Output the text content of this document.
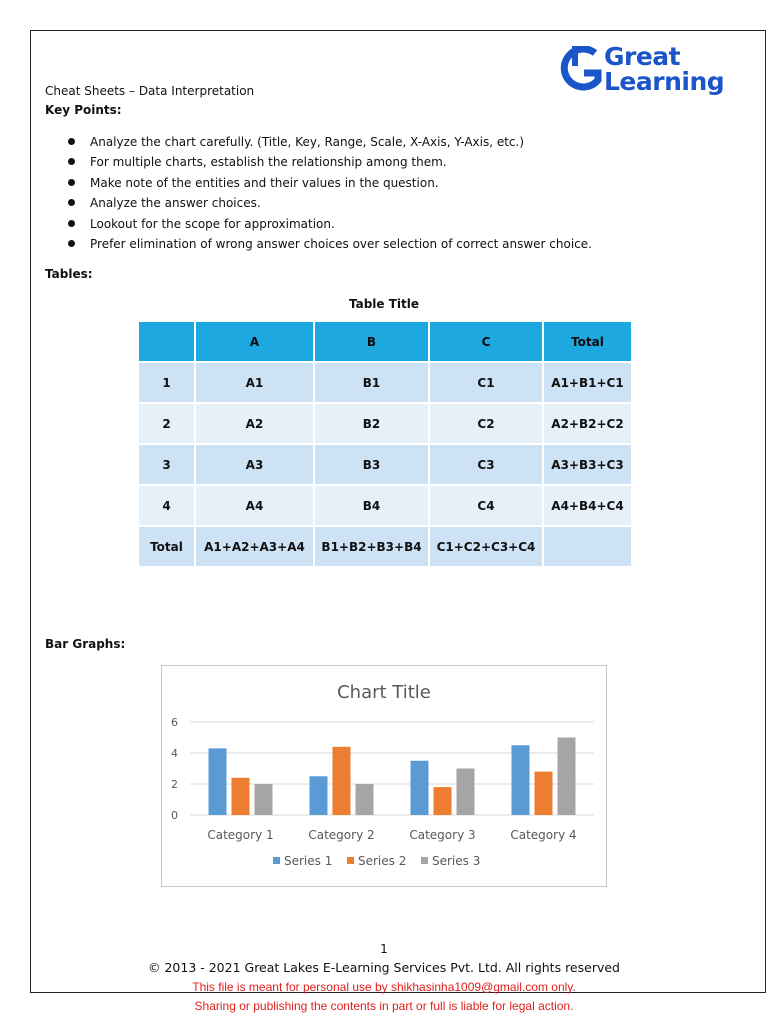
Great
Learning
Cheat Sheets – Data Interpretation
Key Points:
Analyze the chart carefully. (Title, Key, Range, Scale, X-Axis, Y-Axis, etc.)
For multiple charts, establish the relationship among them.
Make note of the entities and their values in the question.
Analyze the answer choices.
Lookout for the scope for approximation.
Prefer elimination of wrong answer choices over selection of correct answer choice.
Tables:
Table Title
	A	B	C	Total
1	A1	B1	C1	A1+B1+C1
2	A2	B2	C2	A2+B2+C2
3	A3	B3	C3	A3+B3+C3
4	A4	B4	C4	A4+B4+C4
Total	A1+A2+A3+A4	B1+B2+B3+B4	C1+C2+C3+C4	
Bar Graphs:
Chart Title
0
2
4
6
Category 1	Category 2	Category 3	Category 4
Series 1 Series 2 Series 3
1
© 2013 - 2021 Great Lakes E-Learning Services Pvt. Ltd. All rights reserved
This file is meant for personal use by shikhasinha1009@gmail.com only.
Sharing or publishing the contents in part or full is liable for legal action.
